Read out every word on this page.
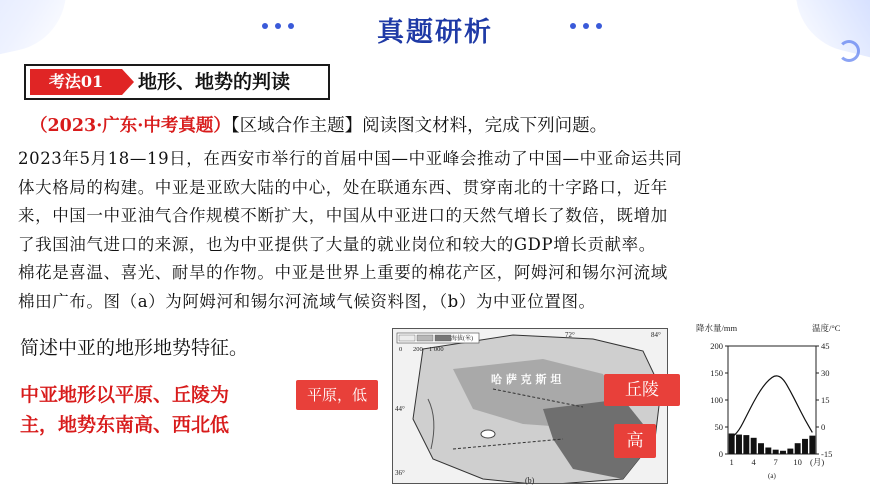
真题研析
考法01	地形、地势的判读
（2023·广东·中考真题）【区域合作主题】阅读图文材料，完成下列问题。
2023年5月18—19日，在西安市举行的首届中国—中亚峰会推动了中国—中亚命运共同
体大格局的构建。中亚是亚欧大陆的中心，处在联通东西、贯穿南北的十字路口，近年
来，中国一中亚油气合作规模不断扩大，中国从中亚进口的天然气增长了数倍，既增加
了我国油气进口的来源，也为中亚提供了大量的就业岗位和较大的GDP增长贡献率。
棉花是喜温、喜光、耐旱的作物。中亚是世界上重要的棉花产区，阿姆河和锡尔河流域
棉田广布。图（a）为阿姆河和锡尔河流域气候资料图，（b）为中亚位置图。
简述中亚的地形地势特征。
中亚地形以平原、丘陵为
主，地势东南高、西北低
0 200 1 000
海拔(米)
哈 萨 克 斯 坦
72°	84°
44°
36°
(b)
平原，低	丘陵
高
降水量/mm	温度/°C
0
50
100
150
200
-15
0
15
30
45
1 4 7 10 (月)
(a)
